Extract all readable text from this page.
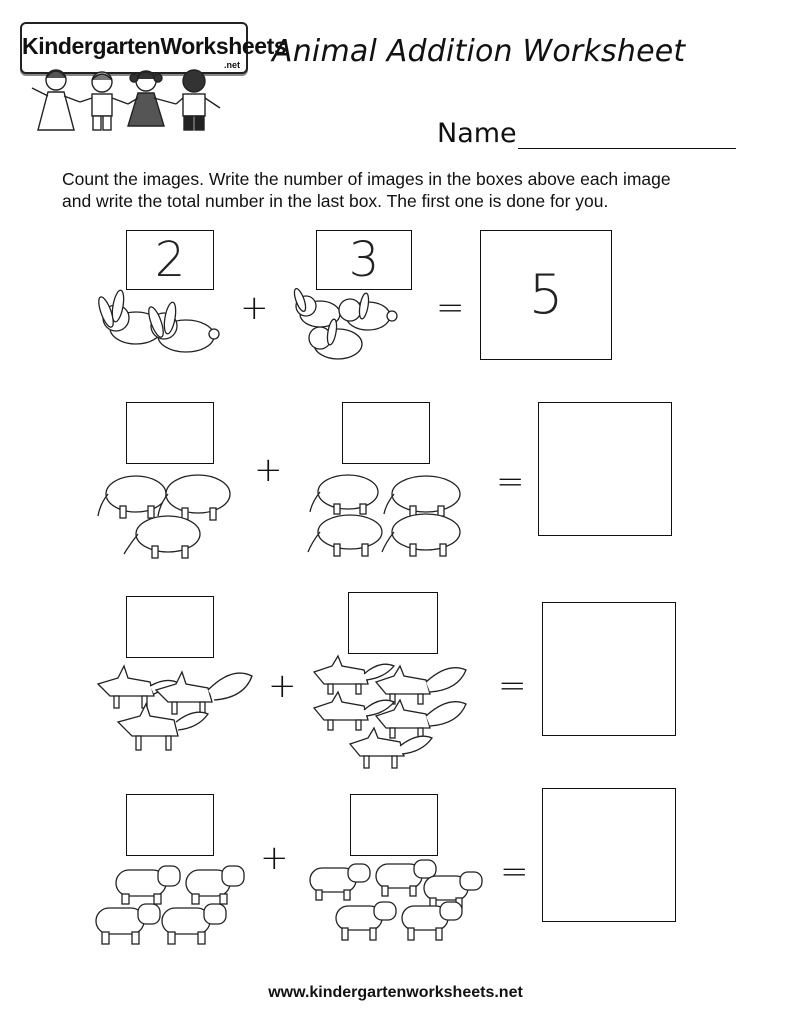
KindergartenWorksheets
.net Animal Addition Worksheet
Name
Count the images. Write the number of images in the boxes above each image
and write the total number in the last box. The first one is done for you.
2	3
5
+	=
+	=
+	=
+	=
www.kindergartenworksheets.net
